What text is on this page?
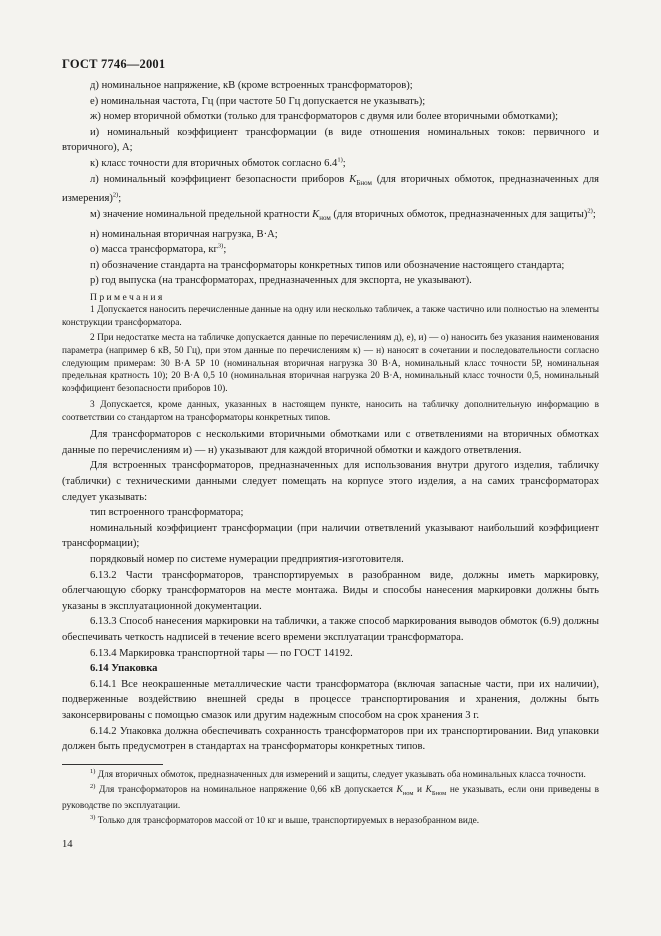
ГОСТ 7746—2001

д) номинальное напряжение, кВ (кроме встроенных трансформаторов);

е) номинальная частота, Гц (при частоте 50 Гц допускается не указывать);

ж) номер вторичной обмотки (только для трансформаторов с двумя или более вторичными обмотками);

и) номинальный коэффициент трансформации (в виде отношения номинальных токов: первичного и вторичного), А;

к) класс точности для вторичных обмоток согласно 6.4$^{1)}$;

л) номинальный коэффициент безопасности приборов $K_{Бном}$ (для вторичных обмоток, предназначенных для измерения)$^{2)}$;

м) значение номинальной предельной кратности $K_{ном}$ (для вторичных обмоток, предназначенных для защиты)$^{2)}$;

н) номинальная вторичная нагрузка, В·А;

о) масса трансформатора, $кг^{3)}$;

п) обозначение стандарта на трансформаторы конкретных типов или обозначение настоящего стандарта;

р) год выпуска (на трансформаторах, предназначенных для экспорта, не указывают).

Примечания

1 Допускается наносить перечисленные данные на одну или несколько табличек, а также частично или полностью на элементы конструкции трансформатора.

2 При недостатке места на табличке допускается данные по перечислениям д), е), и) — о) наносить без указания наименования параметра (например 6 кВ, 50 Гц), при этом данные по перечислениям к) — н) наносят в сочетании и последовательности согласно следующим примерам: 30 В·А 5Р 10 (номинальная вторичная нагрузка 30 В·А, номинальный класс точности 5Р, номинальная предельная кратность 10); 20 В·А 0,5 10 (номинальная вторичная нагрузка 20 В·А, номинальный класс точности 0,5, номинальный коэффициент безопасности приборов 10).

3 Допускается, кроме данных, указанных в настоящем пункте, наносить на табличку дополнительную информацию в соответствии со стандартом на трансформаторы конкретных типов.

Для трансформаторов с несколькими вторичными обмотками или с ответвлениями на вторичных обмотках данные по перечислениям и) — н) указывают для каждой вторичной обмотки и каждого ответвления.

Для встроенных трансформаторов, предназначенных для использования внутри другого изделия, табличку (таблички) с техническими данными следует помещать на корпусе этого изделия, а на самих трансформаторах следует указывать:

тип встроенного трансформатора;

номинальный коэффициент трансформации (при наличии ответвлений указывают наибольший коэффициент трансформации);

порядковый номер по системе нумерации предприятия-изготовителя.

6.13.2 Части трансформаторов, транспортируемых в разобранном виде, должны иметь маркировку, облегчающую сборку трансформаторов на месте монтажа. Виды и способы нанесения маркировки должны быть указаны в эксплуатационной документации.

6.13.3 Способ нанесения маркировки на таблички, а также способ маркирования выводов обмоток (6.9) должны обеспечивать четкость надписей в течение всего времени эксплуатации трансформатора.

6.13.4 Маркировка транспортной тары — по ГОСТ 14192.

6.14 Упаковка

6.14.1 Все неокрашенные металлические части трансформатора (включая запасные части, при их наличии), подверженные воздействию внешней среды в процессе транспортирования и хранения, должны быть законсервированы с помощью смазок или другим надежным способом на срок хранения 3 г.

6.14.2 Упаковка должна обеспечивать сохранность трансформаторов при их транспортировании. Вид упаковки должен быть предусмотрен в стандартах на трансформаторы конкретных типов.

$^{1)}$ Для вторичных обмоток, предназначенных для измерений и защиты, следует указывать оба номинальных класса точности.

$^{2)}$ Для трансформаторов на номинальное напряжение 0,66 кВ допускается $K_{ном}$ и $K_{Бном}$ не указывать, если они приведены в руководстве по эксплуатации.

$^{3)}$ Только для трансформаторов массой от 10 кг и выше, транспортируемых в неразобранном виде.

14
